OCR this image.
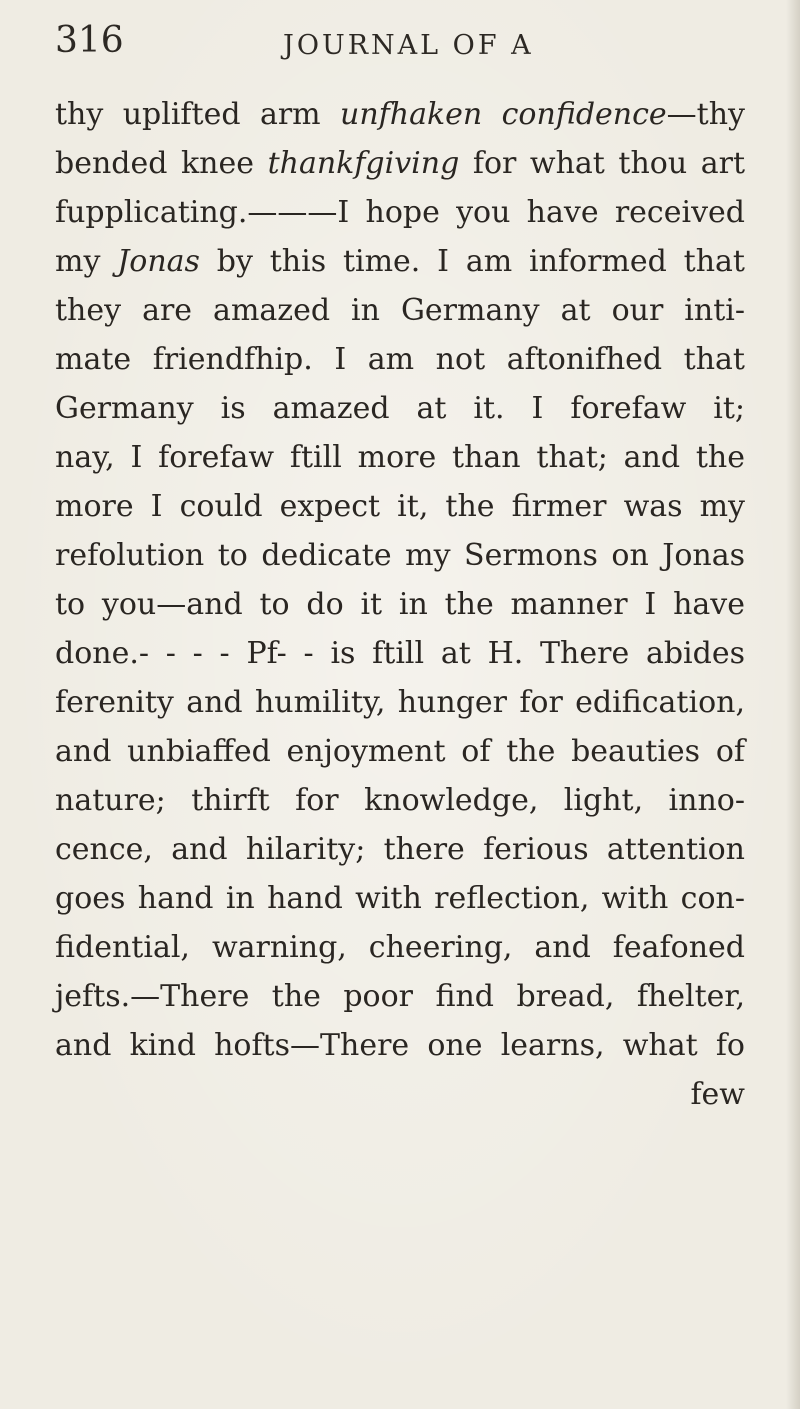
316	JOURNAL OF A
thy uplifted arm unfhaken confidence—thy
bended knee thankfgiving for what thou art
fupplicating.———I hope you have received
my Jonas by this time. I am informed that
they are amazed in Germany at our inti-
mate friendfhip. I am not aftonifhed that
Germany is amazed at it. I forefaw it;
nay, I forefaw ftill more than that; and the
more I could expect it, the firmer was my
refolution to dedicate my Sermons on Jonas
to you—and to do it in the manner I have
done.- - - - Pf- - is ftill at H. There abides
ferenity and humility, hunger for edification,
and unbiaffed enjoyment of the beauties of
nature; thirft for knowledge, light, inno-
cence, and hilarity; there ferious attention
goes hand in hand with reflection, with con-
fidential, warning, cheering, and feafoned
jefts.—There the poor find bread, fhelter,
and kind hofts—There one learns, what fo
few
